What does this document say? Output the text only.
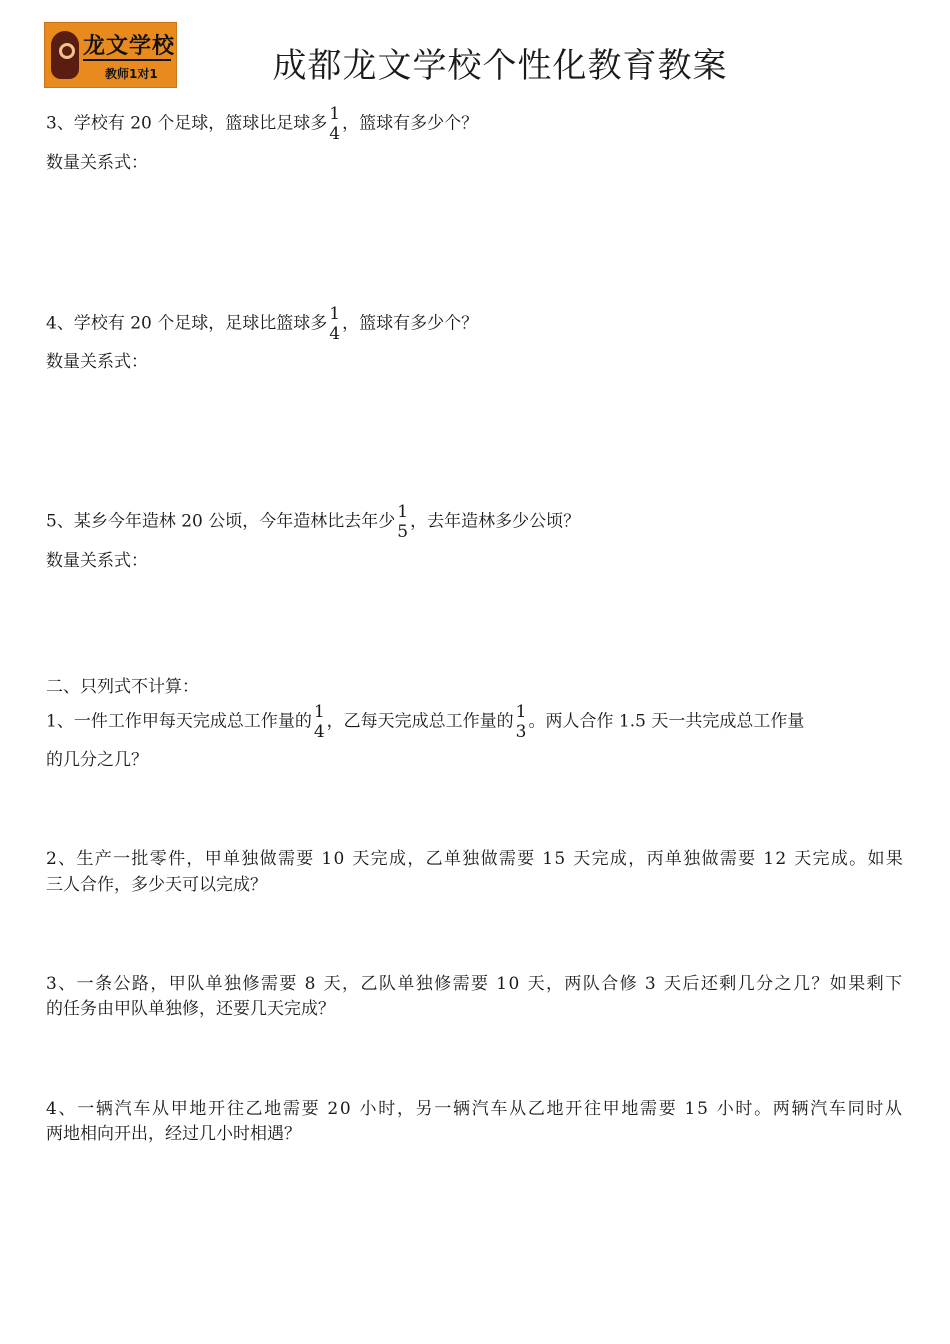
龙文学校
教师1对1	成都龙文学校个性化教育教案
3、学校有 20 个足球，篮球比足球多 1
4
，篮球有多少个？
数量关系式：
4、学校有 20 个足球，足球比篮球多 1
4
，篮球有多少个？
数量关系式：
5、某乡今年造林 20 公顷，今年造林比去年少 1
5
，去年造林多少公顷？
数量关系式：
二、只列式不计算：
1、一件工作甲每天完成总工作量的 1
4
，乙每天完成总工作量的 1
3
。两人合作 1.5 天一共完成总工作量
的几分之几？
2、生产一批零件，甲单独做需要 10 天完成，乙单独做需要 15 天完成，丙单独做需要 12 天完成。如果
三人合作，多少天可以完成？
3、一条公路，甲队单独修需要 8 天，乙队单独修需要 10 天，两队合修 3 天后还剩几分之几？如果剩下
的任务由甲队单独修，还要几天完成？
4、一辆汽车从甲地开往乙地需要 20 小时，另一辆汽车从乙地开往甲地需要 15 小时。两辆汽车同时从
两地相向开出，经过几小时相遇？
